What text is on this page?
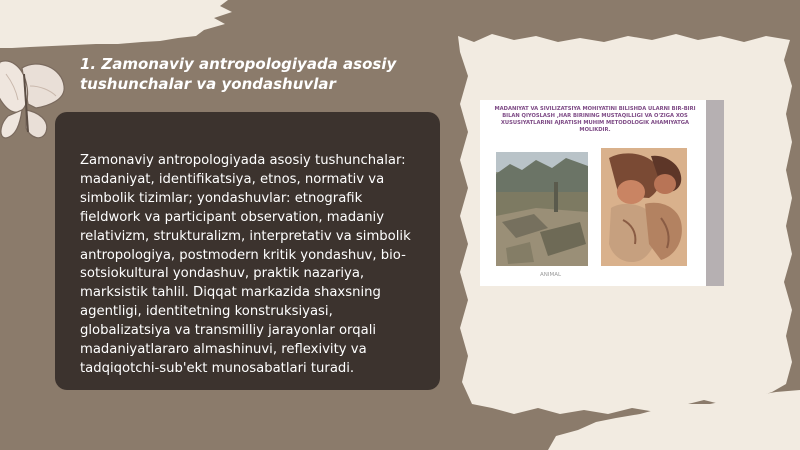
1. Zamonaviy antropologiyada asosiy
tushunchalar va yondashuvlar

Zamonaviy antropologiyada asosiy tushunchalar: madaniyat, identifikatsiya, etnos, normativ va simbolik tizimlar; yondashuvlar: etnografik fieldwork va participant observation, madaniy relativizm, strukturalizm, interpretativ va simbolik antropologiya, postmodern kritik yondashuv, bio-sotsiokultural yondashuv, praktik nazariya, marksistik tahlil. Diqqat markazida shaxsning agentligi, identitetning konstruksiyasi, globalizatsiya va transmilliy jarayonlar orqali madaniyatlararo almashinuvi, reflexivity va tadqiqotchi-sub'ekt munosabatlari turadi.

MADANIYAT VA SIVILIZATSIYA MOHIYATINI BILISHDA ULARNI BIR-BIRI BILAN QIYOSLASH ,HAR BIRINING MUSTAQILLIGI VA O'ZIGA XOS XUSUSIYATLARINI AJRATISH MUHIM METODOLOGIK AHAMIYATGA MOLIKDIR.

ANIMAL
